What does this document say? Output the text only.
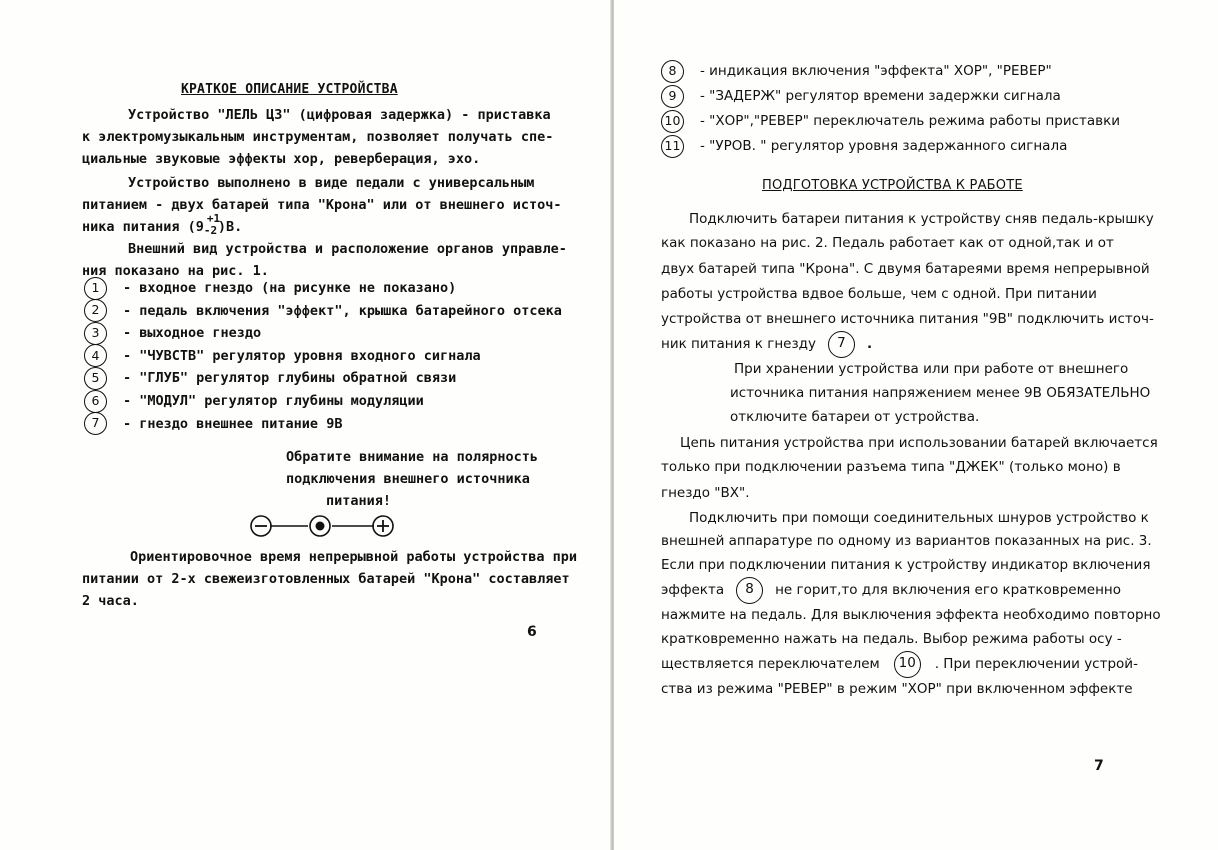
КРАТКОЕ ОПИСАНИЕ УСТРОЙСТВА
Устройство "ЛЕЛЬ ЦЗ" (цифровая задержка) - приставка
к электромузыкальным инструментам, позволяет получать спе-
циальные звуковые эффекты хор, реверберация, эхо.
Устройство выполнено в виде педали с универсальным
питанием - двух батарей типа "Крона" или от внешнего источ-
ника питания (9
+1
-2 )В.
Внешний вид устройства и расположение органов управле-
ния показано на рис. 1.
1	- входное гнездо (на рисунке не показано)
2	- педаль включения "эффект", крышка батарейного отсека
3	- выходное гнездо
4	- "ЧУВСТВ" регулятор уровня входного сигнала
5	- "ГЛУБ" регулятор глубины обратной связи
6	- "МОДУЛ" регулятор глубины модуляции
7	- гнездо внешнее питание 9В
Обратите внимание на полярность
подключения внешнего источника
питания!
Ориентировочное время непрерывной работы устройства при
питании от 2-х свежеизготовленных батарей "Крона" составляет
2 часа.
6
8	- индикация включения "эффекта" ХОР", "РЕВЕР"
9	- "ЗАДЕРЖ" регулятор времени задержки сигнала
10 - "ХОР","РЕВЕР" переключатель режима работы приставки
11 - "УРОВ. " регулятор уровня задержанного сигнала
ПОДГОТОВКА УСТРОЙСТВА К РАБОТЕ
Подключить батареи питания к устройству сняв педаль-крышку
как показано на рис. 2. Педаль работает как от одной,так и от
двух батарей типа "Крона". С двумя батареями время непрерывной
работы устройства вдвое больше, чем с одной. При питании
устройства от внешнего источника питания "9В" подключить источ-
ник питания к гнезду	7	.
При хранении устройства или при работе от внешнего
источника питания напряжением менее 9В ОБЯЗАТЕЛЬНО
отключите батареи от устройства.
Цепь питания устройства при использовании батарей включается
только при подключении разъема типа "ДЖЕК" (только моно) в
гнездо "ВХ".
Подключить при помощи соединительных шнуров устройство к
внешней аппаратуре по одному из вариантов показанных на рис. 3.
Если при подключении питания к устройству индикатор включения
эффекта	8	не горит,то для включения его кратковременно
нажмите на педаль. Для выключения эффекта необходимо повторно
кратковременно нажать на педаль. Выбор режима работы осу -
ществляется переключателем	10	. При переключении устрой-
ства из режима "РЕВЕР" в режим "ХОР" при включенном эффекте
7
